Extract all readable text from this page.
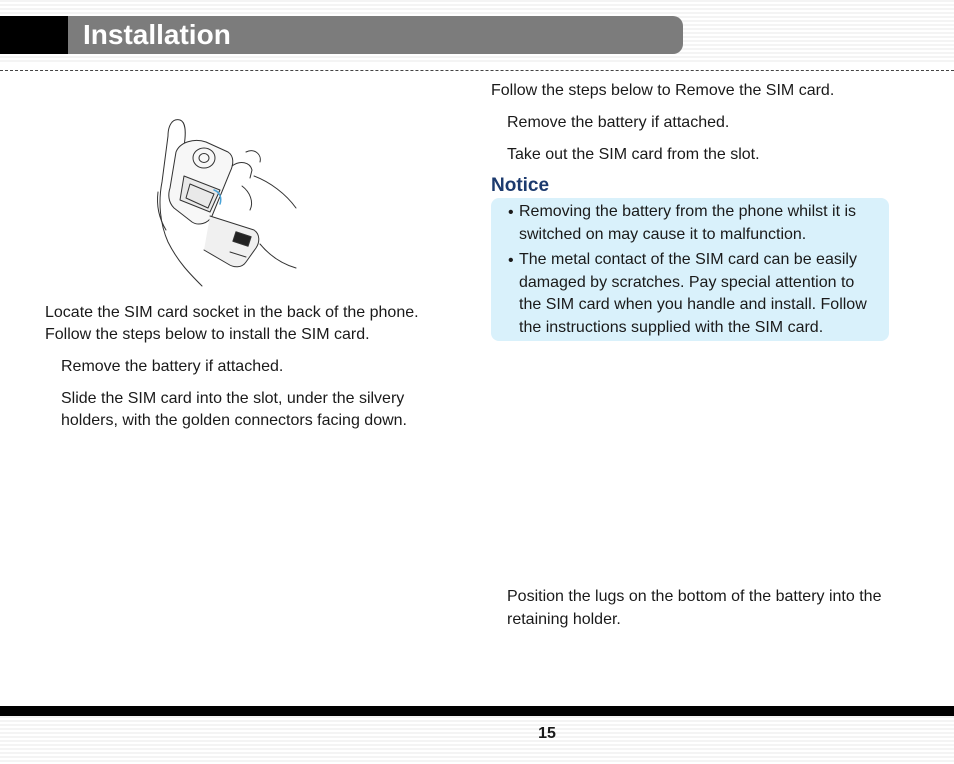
Installation
Locate the SIM card socket in the back of the phone.
Follow the steps below to install the SIM card.
Remove the battery if attached.
Slide the SIM card into the slot, under the silvery
holders, with the golden connectors facing down.
Follow the steps below to Remove the SIM card.
Remove the battery if attached.
Take out the SIM card from the slot.
Notice
• Removing the battery from the phone whilst it is
switched on may cause it to malfunction.
• The metal contact of the SIM card can be easily
damaged by scratches. Pay special attention to
the SIM card when you handle and install. Follow
the instructions supplied with the SIM card.
Position the lugs on the bottom of the battery into the
retaining holder.
15
